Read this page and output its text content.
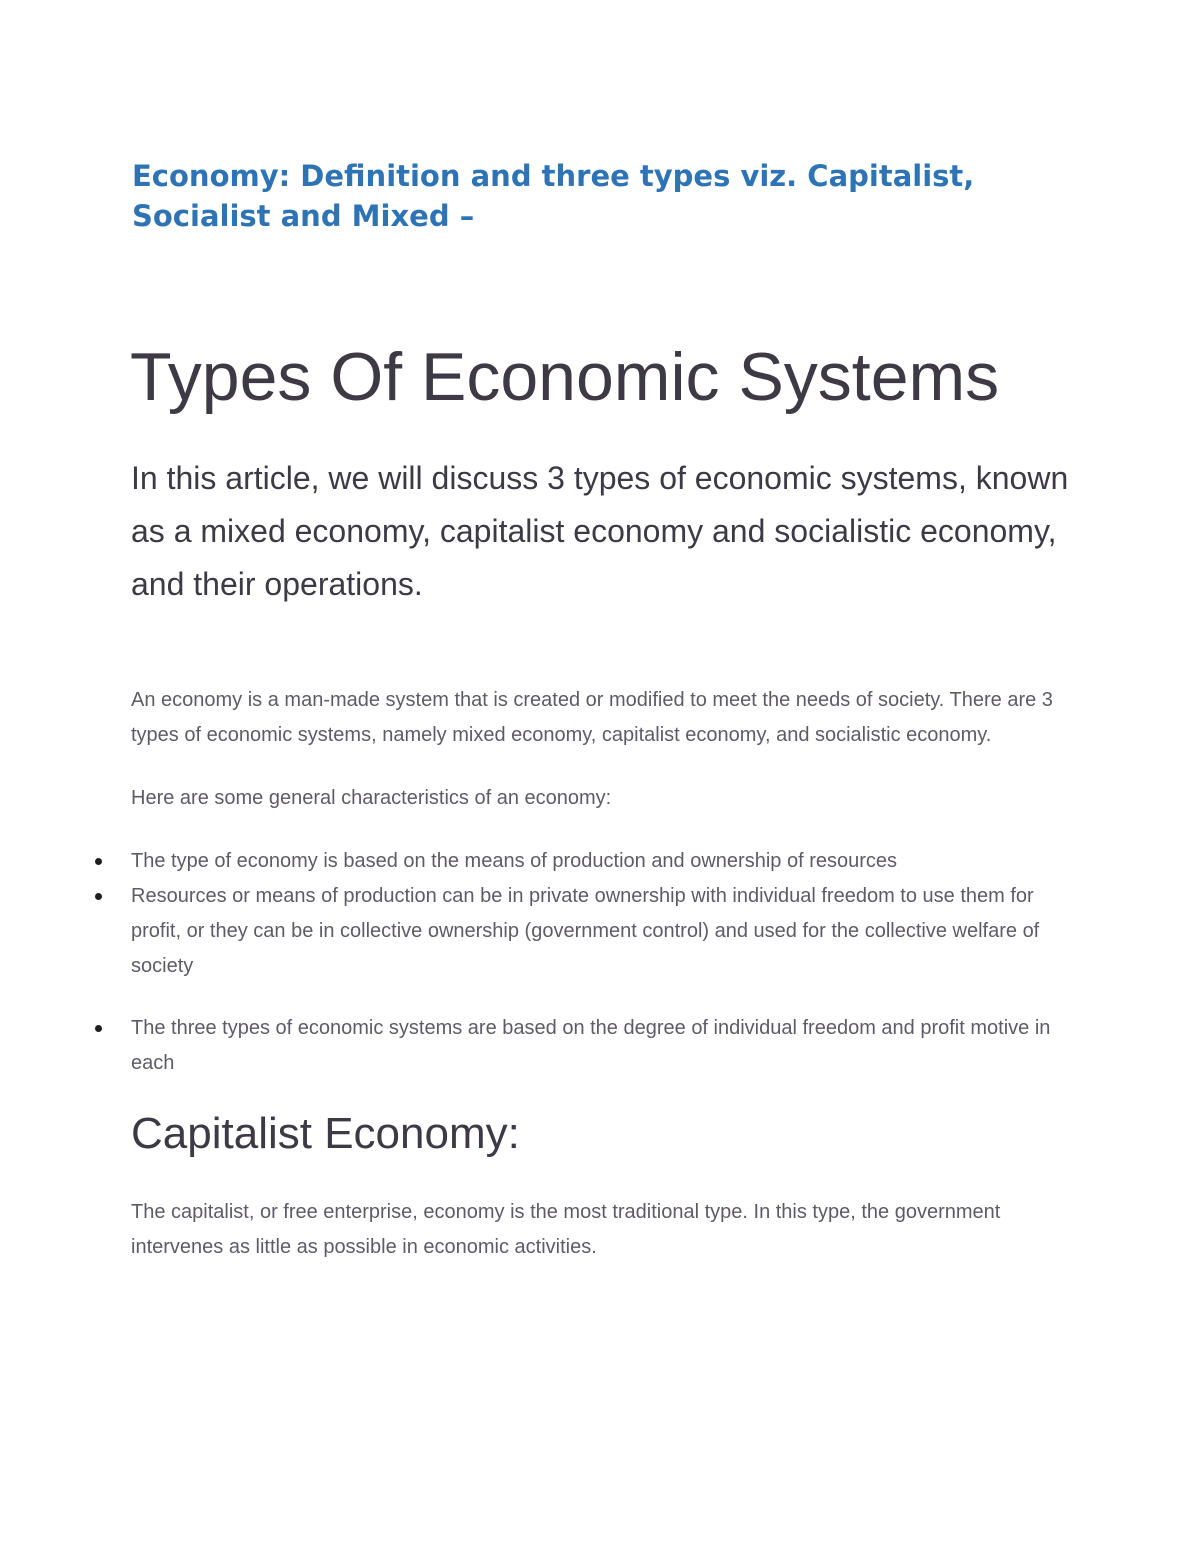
Economy: Definition and three types viz. Capitalist, Socialist and Mixed –
Types Of Economic Systems

In this article, we will discuss 3 types of economic systems, known as a mixed economy, capitalist economy and socialistic economy, and their operations.

An economy is a man-made system that is created or modified to meet the needs of society. There are 3 types of economic systems, namely mixed economy, capitalist economy, and socialistic economy.

Here are some general characteristics of an economy:

The type of economy is based on the means of production and ownership of resources
Resources or means of production can be in private ownership with individual freedom to use them for profit, or they can be in collective ownership (government control) and used for the collective welfare of society
The three types of economic systems are based on the degree of individual freedom and profit motive in each
Capitalist Economy:

The capitalist, or free enterprise, economy is the most traditional type. In this type, the government intervenes as little as possible in economic activities.
